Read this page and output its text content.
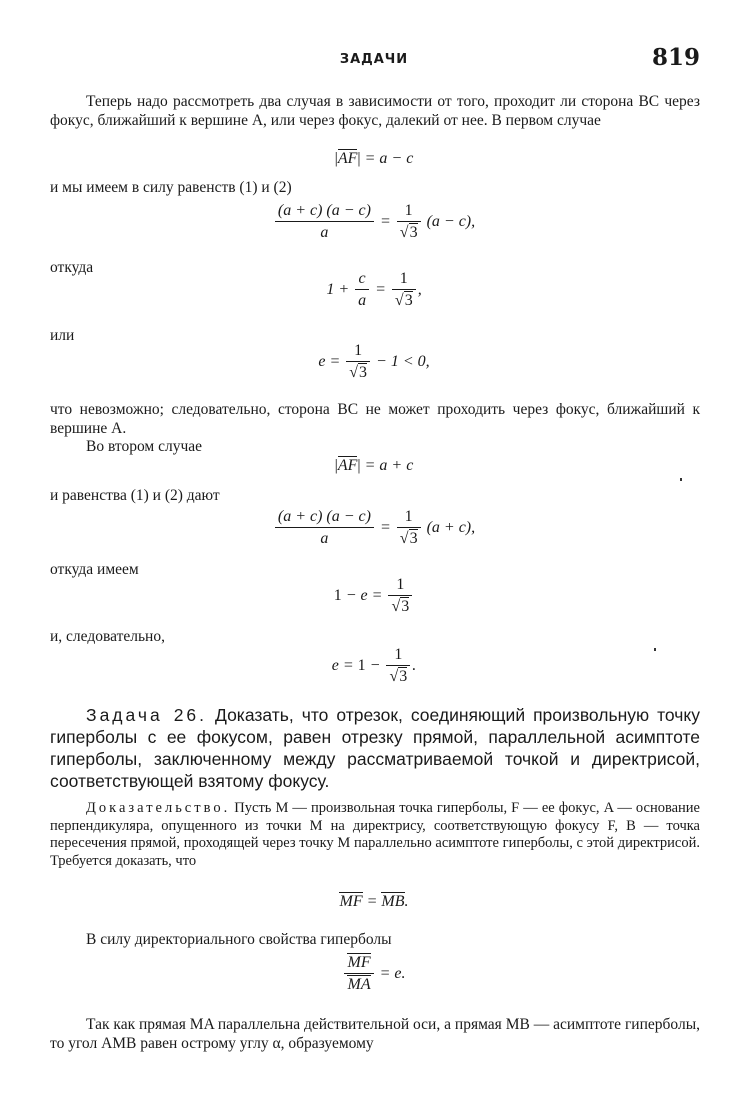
ЗАДАЧИ	819

Теперь надо рассмотреть два случая в зависимости от того, проходит ли сторона BC через фокус, ближайший к вершине A, или через фокус, далекий от нее. В первом случае

|AF| = a − c
и мы имеем в силу равенств (1) и (2)
$\frac{(a + c) (a - c)}{a} = \frac{1}{√3} (a - c)$,
откуда
$1 + \frac{c}{a} = \frac{1}{√3}$ ,
или
$e = \frac{1}{√3} - 1 < 0$,
что невозможно; следовательно, сторона BC не может проходить через фокус, ближайший к вершине A.

Во втором случае

|AF| = a + c
и равенства (1) и (2) дают
$\frac{(a + c) (a - c)}{a} = \frac{1}{√3} (a + c)$,
откуда имеем
$1 - e = \frac{1}{√3}$
и, следовательно,
$e = 1 - \frac{1}{√3}$ .

Задача 26. Доказать, что отрезок, соединяющий произвольную точку гиперболы с ее фокусом, равен отрезку прямой, параллельной асимптоте гиперболы, заключенному между рассматриваемой точкой и директрисой, соответствующей взятому фокусу.

Доказательство. Пусть M — произвольная точка гиперболы, F — ее фокус, A — основание перпендикуляра, опущенного из точки M на директрису, соответствующую фокусу F, B — точка пересечения прямой, проходящей через точку M параллельно асимптоте гиперболы, с этой директрисой. Требуется доказать, что

MF = MB.

В силу директориального свойства гиперболы

$\frac{MF}{MA} = e$.

Так как прямая MA параллельна действительной оси, а прямая MB — асимптоте гиперболы, то угол AMB равен острому углу α, образуемому
